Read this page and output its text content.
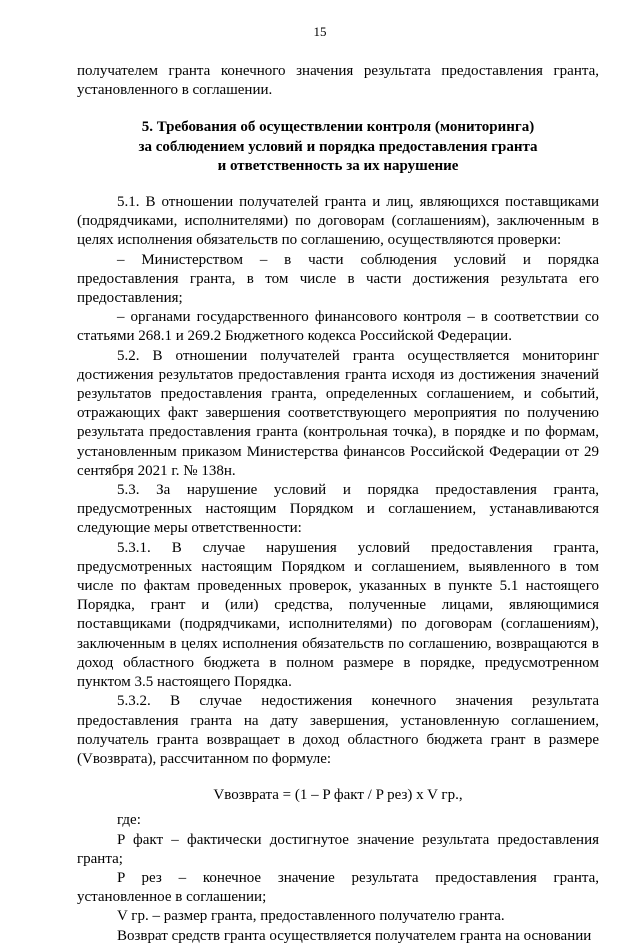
15

получателем гранта конечного значения результата предоставления гранта, установленного в соглашении.

5. Требования об осуществлении контроля (мониторинга)
за соблюдением условий и порядка предоставления гранта
и ответственность за их нарушение

5.1. В отношении получателей гранта и лиц, являющихся поставщиками (подрядчиками, исполнителями) по договорам (соглашениям), заключенным в целях исполнения обязательств по соглашению, осуществляются проверки:

– Министерством – в части соблюдения условий и порядка предоставления гранта, в том числе в части достижения результата его предоставления;

– органами государственного финансового контроля – в соответствии со статьями 268.1 и 269.2 Бюджетного кодекса Российской Федерации.

5.2. В отношении получателей гранта осуществляется мониторинг достижения результатов предоставления гранта исходя из достижения значений результатов предоставления гранта, определенных соглашением, и событий, отражающих факт завершения соответствующего мероприятия по получению результата предоставления гранта (контрольная точка), в порядке и по формам, установленным приказом Министерства финансов Российской Федерации от 29 сентября 2021 г. № 138н.

5.3. За нарушение условий и порядка предоставления гранта, предусмотренных настоящим Порядком и соглашением, устанавливаются следующие меры ответственности:

5.3.1. В случае нарушения условий предоставления гранта, предусмотренных настоящим Порядком и соглашением, выявленного в том числе по фактам проведенных проверок, указанных в пункте 5.1 настоящего Порядка, грант и (или) средства, полученные лицами, являющимися поставщиками (подрядчиками, исполнителями) по договорам (соглашениям), заключенным в целях исполнения обязательств по соглашению, возвращаются в доход областного бюджета в полном размере в порядке, предусмотренном пунктом 3.5 настоящего Порядка.

5.3.2. В случае недостижения конечного значения результата предоставления гранта на дату завершения, установленную соглашением, получатель гранта возвращает в доход областного бюджета грант в размере (Vвозврата), рассчитанном по формуле:

Vвозврата = (1 – P факт / P рез) x V гр.,

где:

P факт – фактически достигнутое значение результата предоставления гранта;

P рез – конечное значение результата предоставления гранта, установленное в соглашении;

V гр. – размер гранта, предоставленного получателю гранта.

Возврат средств гранта осуществляется получателем гранта на основании
